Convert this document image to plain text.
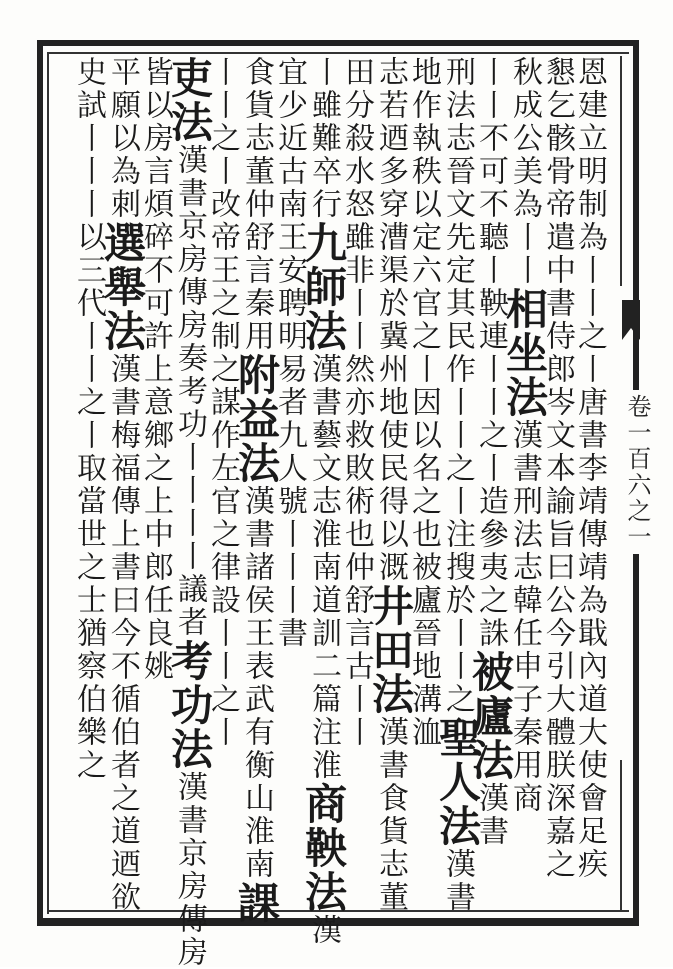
卷一百六之一
恩建立明制為丨丨之丨唐書李靖傳靖為戢內道大使會足疾
懇乞骸骨帝遣中書侍郎岑文本諭旨曰公今引大體朕深嘉之
秋成公美為丨丨相坐法漢書刑法志韓任申子秦用商
丨丨不可不聽丨鞅連丨丨之丨造參夷之誅被廬法漢書
刑法志晉文先定其民作丨丨之丨注搜於丨丨之聖人法漢書
地作執秩以定六官之丨因以名之也被廬晉地溝洫
志若迺多穿漕渠於冀州地使民得以溉井田法漢書食貨志董
田分殺水怒雖非丨丨然亦救敗術也仲舒言古丨丨
丨雖難卒行九師法漢書藝文志淮南道訓二篇注淮商鞅法漢
宜少近古南王安聘明易者九人號丨丨丨書
食貨志董仲舒言秦用附益法漢書諸侯王表武有衡山淮南課
丨丨之丨改帝王之制之謀作左官之律設丨丨之丨
吏法漢書京房傳房奏考功丨丨丨丨議者考功法漢書京房傳房
皆以房言煩碎不可許上意鄉之上中郎任良姚
平願以為刺選舉法漢書梅福傳上書曰今不循伯者之道迺欲
史試丨丨丨以三代丨丨之丨取當世之士猶察伯樂之
